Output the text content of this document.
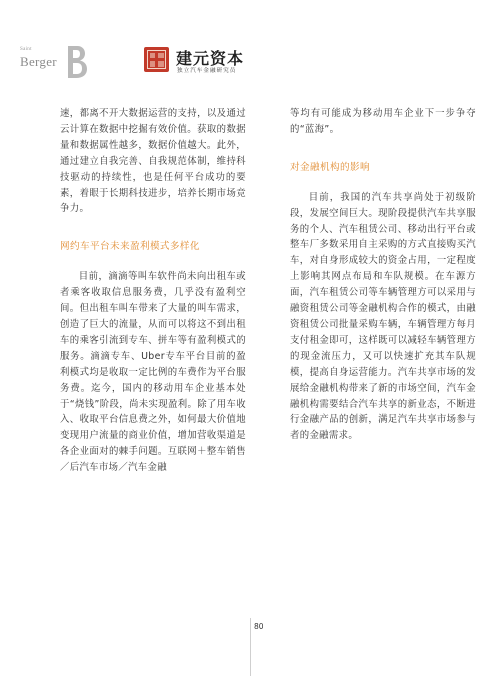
Saint
Berger	建元资本
独立汽车金融研究员

速，都离不开大数据运营的支持，以及通过云计算在数据中挖掘有效价值。获取的数据量和数据属性越多，数据价值越大。此外，通过建立自我完善、自我规范体制，维持科技驱动的持续性，也是任何平台成功的要素，着眼于长期科技进步，培养长期市场竞争力。

网约车平台未来盈利模式多样化

目前，滴滴等叫车软件尚未向出租车或者乘客收取信息服务费，几乎没有盈利空间。但出租车叫车带来了大量的叫车需求，创造了巨大的流量，从而可以将这不到出租车的乘客引流到专车、拼车等有盈利模式的服务。滴滴专车、Uber专车平台目前的盈利模式均是收取一定比例的车费作为平台服务费。迄今，国内的移动用车企业基本处于“烧钱”阶段，尚未实现盈利。除了用车收入、收取平台信息费之外，如何最大价值地变现用户流量的商业价值，增加营收渠道是各企业面对的棘手问题。互联网＋整车销售／后汽车市场／汽车金融

等均有可能成为移动用车企业下一步争夺的“蓝海”。

对金融机构的影响

目前，我国的汽车共享尚处于初级阶段，发展空间巨大。现阶段提供汽车共享服务的个人、汽车租赁公司、移动出行平台或整车厂多数采用自主采购的方式直接购买汽车，对自身形成较大的资金占用，一定程度上影响其网点布局和车队规模。在车源方面，汽车租赁公司等车辆管理方可以采用与融资租赁公司等金融机构合作的模式，由融资租赁公司批量采购车辆，车辆管理方每月支付租金即可，这样既可以减轻车辆管理方的现金流压力，又可以快速扩充其车队规模，提高自身运营能力。汽车共享市场的发展给金融机构带来了新的市场空间，汽车金融机构需要结合汽车共享的新业态，不断进行金融产品的创新，满足汽车共享市场参与者的金融需求。

80
